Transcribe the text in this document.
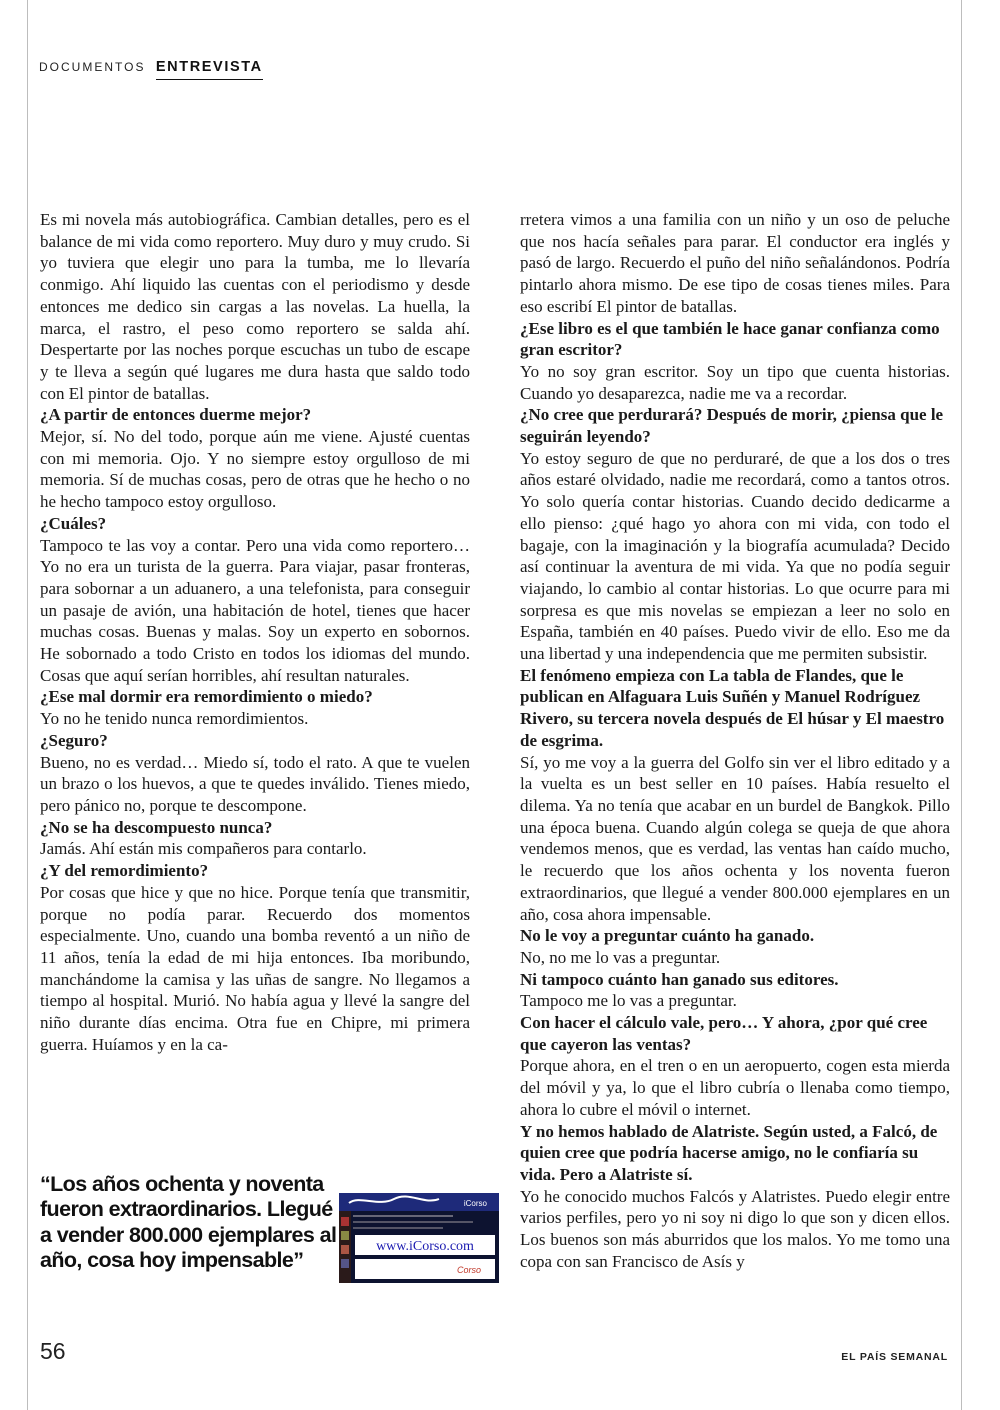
DOCUMENTOS ENTREVISTA

Es mi novela más autobiográfica. Cambian detalles, pero es el balance de mi vida como reportero. Muy duro y muy crudo. Si yo tuviera que elegir uno para la tumba, me lo llevaría conmigo. Ahí liquido las cuentas con el periodismo y desde entonces me dedico sin cargas a las novelas. La huella, la marca, el rastro, el peso como reportero se salda ahí. Despertarte por las noches porque escuchas un tubo de escape y te lleva a según qué lugares me dura hasta que saldo todo con El pintor de batallas.

¿A partir de entonces duerme mejor?

Mejor, sí. No del todo, porque aún me viene. Ajusté cuentas con mi memoria. Ojo. Y no siempre estoy orgulloso de mi memoria. Sí de muchas cosas, pero de otras que he hecho o no he hecho tampoco estoy orgulloso.

¿Cuáles?

Tampoco te las voy a contar. Pero una vida como reportero… Yo no era un turista de la guerra. Para viajar, pasar fronteras, para sobornar a un aduanero, a una telefonista, para conseguir un pasaje de avión, una habitación de hotel, tienes que hacer muchas cosas. Buenas y malas. Soy un experto en sobornos. He sobornado a todo Cristo en todos los idiomas del mundo. Cosas que aquí serían horribles, ahí resultan naturales.

¿Ese mal dormir era remordimiento o miedo?

Yo no he tenido nunca remordimientos.

¿Seguro?

Bueno, no es verdad… Miedo sí, todo el rato. A que te vuelen un brazo o los huevos, a que te quedes inválido. Tienes miedo, pero pánico no, porque te descompone.

¿No se ha descompuesto nunca?

Jamás. Ahí están mis compañeros para contarlo.

¿Y del remordimiento?

Por cosas que hice y que no hice. Porque tenía que transmitir, porque no podía parar. Recuerdo dos momentos especialmente. Uno, cuando una bomba reventó a un niño de 11 años, tenía la edad de mi hija entonces. Iba moribundo, manchándome la camisa y las uñas de sangre. No llegamos a tiempo al hospital. Murió. No había agua y llevé la sangre del niño durante días encima. Otra fue en Chipre, mi primera guerra. Huíamos y en la ca-

rretera vimos a una familia con un niño y un oso de peluche que nos hacía señales para parar. El conductor era inglés y pasó de largo. Recuerdo el puño del niño señalándonos. Podría pintarlo ahora mismo. De ese tipo de cosas tienes miles. Para eso escribí El pintor de batallas.

¿Ese libro es el que también le hace ganar confianza como gran escritor?

Yo no soy gran escritor. Soy un tipo que cuenta historias. Cuando yo desaparezca, nadie me va a recordar.

¿No cree que perdurará? Después de morir, ¿piensa que le seguirán leyendo?

Yo estoy seguro de que no perduraré, de que a los dos o tres años estaré olvidado, nadie me recordará, como a tantos otros. Yo solo quería contar historias. Cuando decido dedicarme a ello pienso: ¿qué hago yo ahora con mi vida, con todo el bagaje, con la imaginación y la biografía acumulada? Decido así continuar la aventura de mi vida. Ya que no podía seguir viajando, lo cambio al contar historias. Lo que ocurre para mi sorpresa es que mis novelas se empiezan a leer no solo en España, también en 40 países. Puedo vivir de ello. Eso me da una libertad y una independencia que me permiten subsistir.

El fenómeno empieza con La tabla de Flandes, que le publican en Alfaguara Luis Suñén y Manuel Rodríguez Rivero, su tercera novela después de El húsar y El maestro de esgrima.

Sí, yo me voy a la guerra del Golfo sin ver el libro editado y a la vuelta es un best seller en 10 países. Había resuelto el dilema. Ya no tenía que acabar en un burdel de Bangkok. Pillo una época buena. Cuando algún colega se queja de que ahora vendemos menos, que es verdad, las ventas han caído mucho, le recuerdo que los años ochenta y los noventa fueron extraordinarios, que llegué a vender 800.000 ejemplares en un año, cosa ahora impensable.

No le voy a preguntar cuánto ha ganado.

No, no me lo vas a preguntar.

Ni tampoco cuánto han ganado sus editores.

Tampoco me lo vas a preguntar.

Con hacer el cálculo vale, pero… Y ahora, ¿por qué cree que cayeron las ventas?

Porque ahora, en el tren o en un aeropuerto, cogen esta mierda del móvil y ya, lo que el libro cubría o llenaba como tiempo, ahora lo cubre el móvil o internet.

Y no hemos hablado de Alatriste. Según usted, a Falcó, de quien cree que podría hacerse amigo, no le confiaría su vida. Pero a Alatriste sí.

Yo he conocido muchos Falcós y Alatristes. Puedo elegir entre varios perfiles, pero yo ni soy ni digo lo que son y dicen ellos. Los buenos son más aburridos que los malos. Yo me tomo una copa con san Francisco de Asís y

“Los años ochenta y noventa fueron extraordinarios. Llegué a vender 800.000 ejemplares al año, cosa hoy impensable”
iCorso
www.iCorso.com
Corso
56	EL PAÍS SEMANAL
